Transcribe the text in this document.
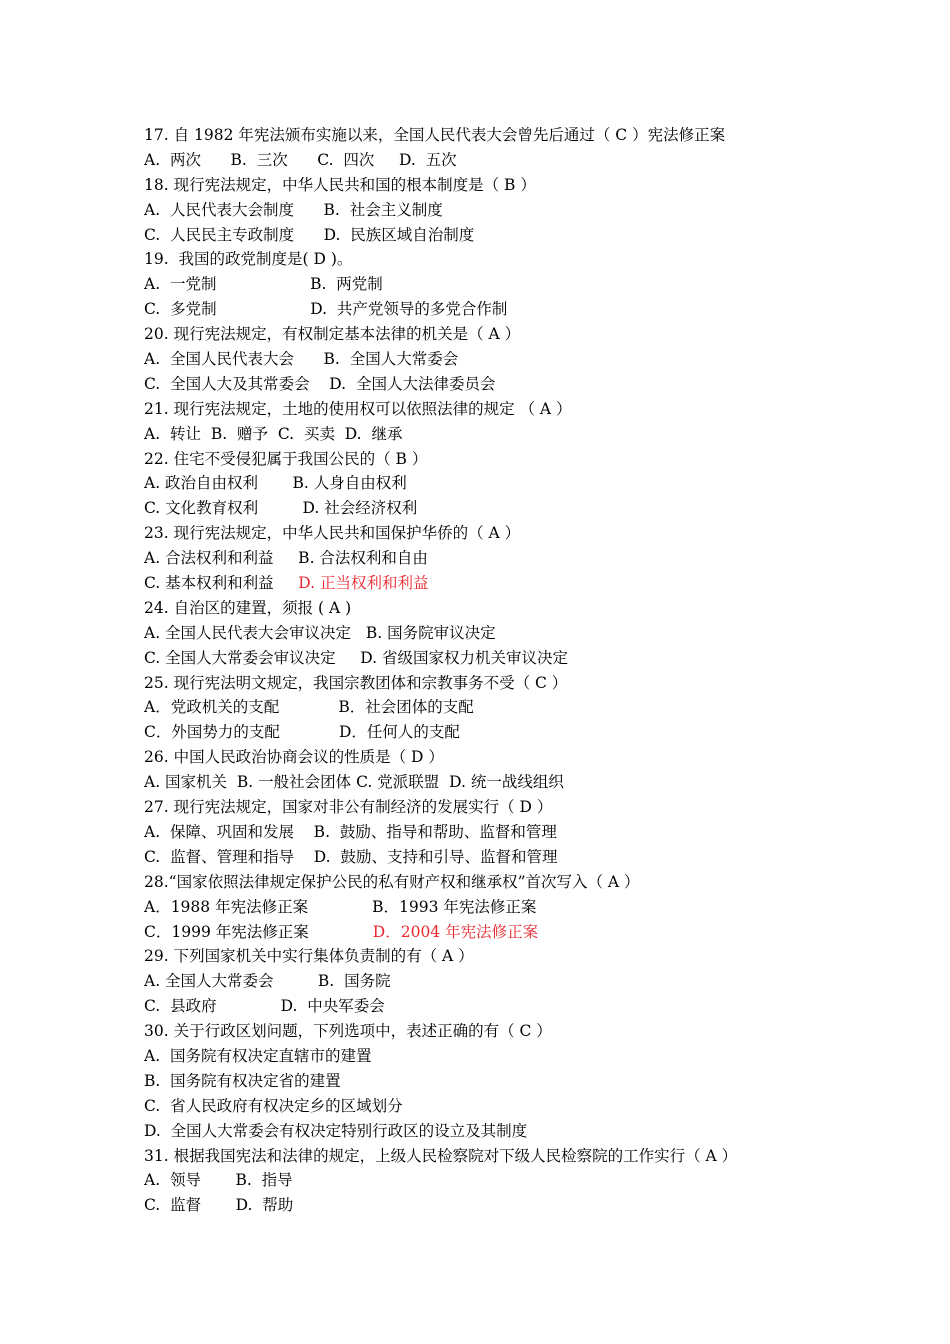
17. 自 1982 年宪法颁布实施以来，全国人民代表大会曾先后通过（ C ）宪法修正案
A.  两次      B.  三次      C.  四次     D.  五次
18. 现行宪法规定，中华人民共和国的根本制度是（ B ）
A.  人民代表大会制度      B.  社会主义制度
C.  人民民主专政制度      D.  民族区域自治制度
19.  我国的政党制度是( D )。
A.  一党制                   B.  两党制
C.  多党制                   D.  共产党领导的多党合作制
20. 现行宪法规定，有权制定基本法律的机关是（ A ）
A.  全国人民代表大会      B.  全国人大常委会
C.  全国人大及其常委会    D.  全国人大法律委员会
21. 现行宪法规定，土地的使用权可以依照法律的规定 （ A ）
A.  转让  B.  赠予  C.  买卖  D.  继承
22. 住宅不受侵犯属于我国公民的（ B ）
A. 政治自由权利       B. 人身自由权利
C. 文化教育权利         D. 社会经济权利
23. 现行宪法规定，中华人民共和国保护华侨的（ A ）
A. 合法权利和利益     B. 合法权利和自由
C. 基本权利和利益     D. 正当权利和利益
24. 自治区的建置，须报 ( A )
A. 全国人民代表大会审议决定   B. 国务院审议决定
C. 全国人大常委会审议决定     D. 省级国家权力机关审议决定
25. 现行宪法明文规定，我国宗教团体和宗教事务不受（ C ）
A．党政机关的支配            B．社会团体的支配
C．外国势力的支配            D．任何人的支配
26. 中国人民政治协商会议的性质是（ D ）
A. 国家机关  B. 一般社会团体 C. 党派联盟  D. 统一战线组织
27. 现行宪法规定，国家对非公有制经济的发展实行（ D ）
A.  保障、巩固和发展    B.  鼓励、指导和帮助、监督和管理
C.  监督、管理和指导    D.  鼓励、支持和引导、监督和管理
28.“国家依照法律规定保护公民的私有财产权和继承权”首次写入（ A ）
A．1988 年宪法修正案             B．1993 年宪法修正案
C．1999 年宪法修正案             D．2004 年宪法修正案
29. 下列国家机关中实行集体负责制的有（ A ）
A. 全国人大常委会         B.  国务院
C.  县政府             D.  中央军委会
30. 关于行政区划问题，下列选项中，表述正确的有（ C ）
A.  国务院有权决定直辖市的建置
B.  国务院有权决定省的建置
C.  省人民政府有权决定乡的区域划分
D.  全国人大常委会有权决定特别行政区的设立及其制度
31. 根据我国宪法和法律的规定，上级人民检察院对下级人民检察院的工作实行（ A ）
A.  领导       B.  指导
C.  监督       D.  帮助
